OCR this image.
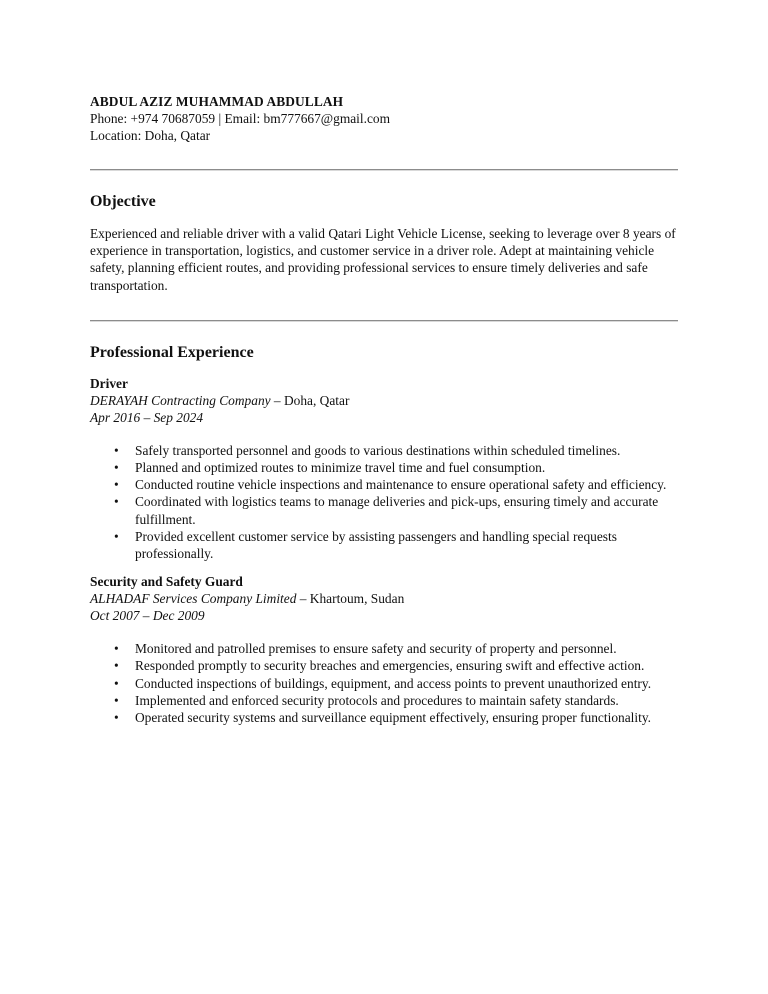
ABDUL AZIZ MUHAMMAD ABDULLAH
Phone: +974 70687059 | Email: bm777667@gmail.com
Location: Doha, Qatar
Objective

Experienced and reliable driver with a valid Qatari Light Vehicle License, seeking to leverage over 8 years of experience in transportation, logistics, and customer service in a driver role. Adept at maintaining vehicle safety, planning efficient routes, and providing professional services to ensure timely deliveries and safe transportation.

Professional Experience
Driver
DERAYAH Contracting Company – Doha, Qatar
Apr 2016 – Sep 2024
• Safely transported personnel and goods to various destinations within scheduled timelines.
• Planned and optimized routes to minimize travel time and fuel consumption.
• Conducted routine vehicle inspections and maintenance to ensure operational safety and efficiency.
• Coordinated with logistics teams to manage deliveries and pick-ups, ensuring timely and accurate fulfillment.
• Provided excellent customer service by assisting passengers and handling special requests professionally.
Security and Safety Guard
ALHADAF Services Company Limited – Khartoum, Sudan
Oct 2007 – Dec 2009
• Monitored and patrolled premises to ensure safety and security of property and personnel.
• Responded promptly to security breaches and emergencies, ensuring swift and effective action.
• Conducted inspections of buildings, equipment, and access points to prevent unauthorized entry.
• Implemented and enforced security protocols and procedures to maintain safety standards.
• Operated security systems and surveillance equipment effectively, ensuring proper functionality.
